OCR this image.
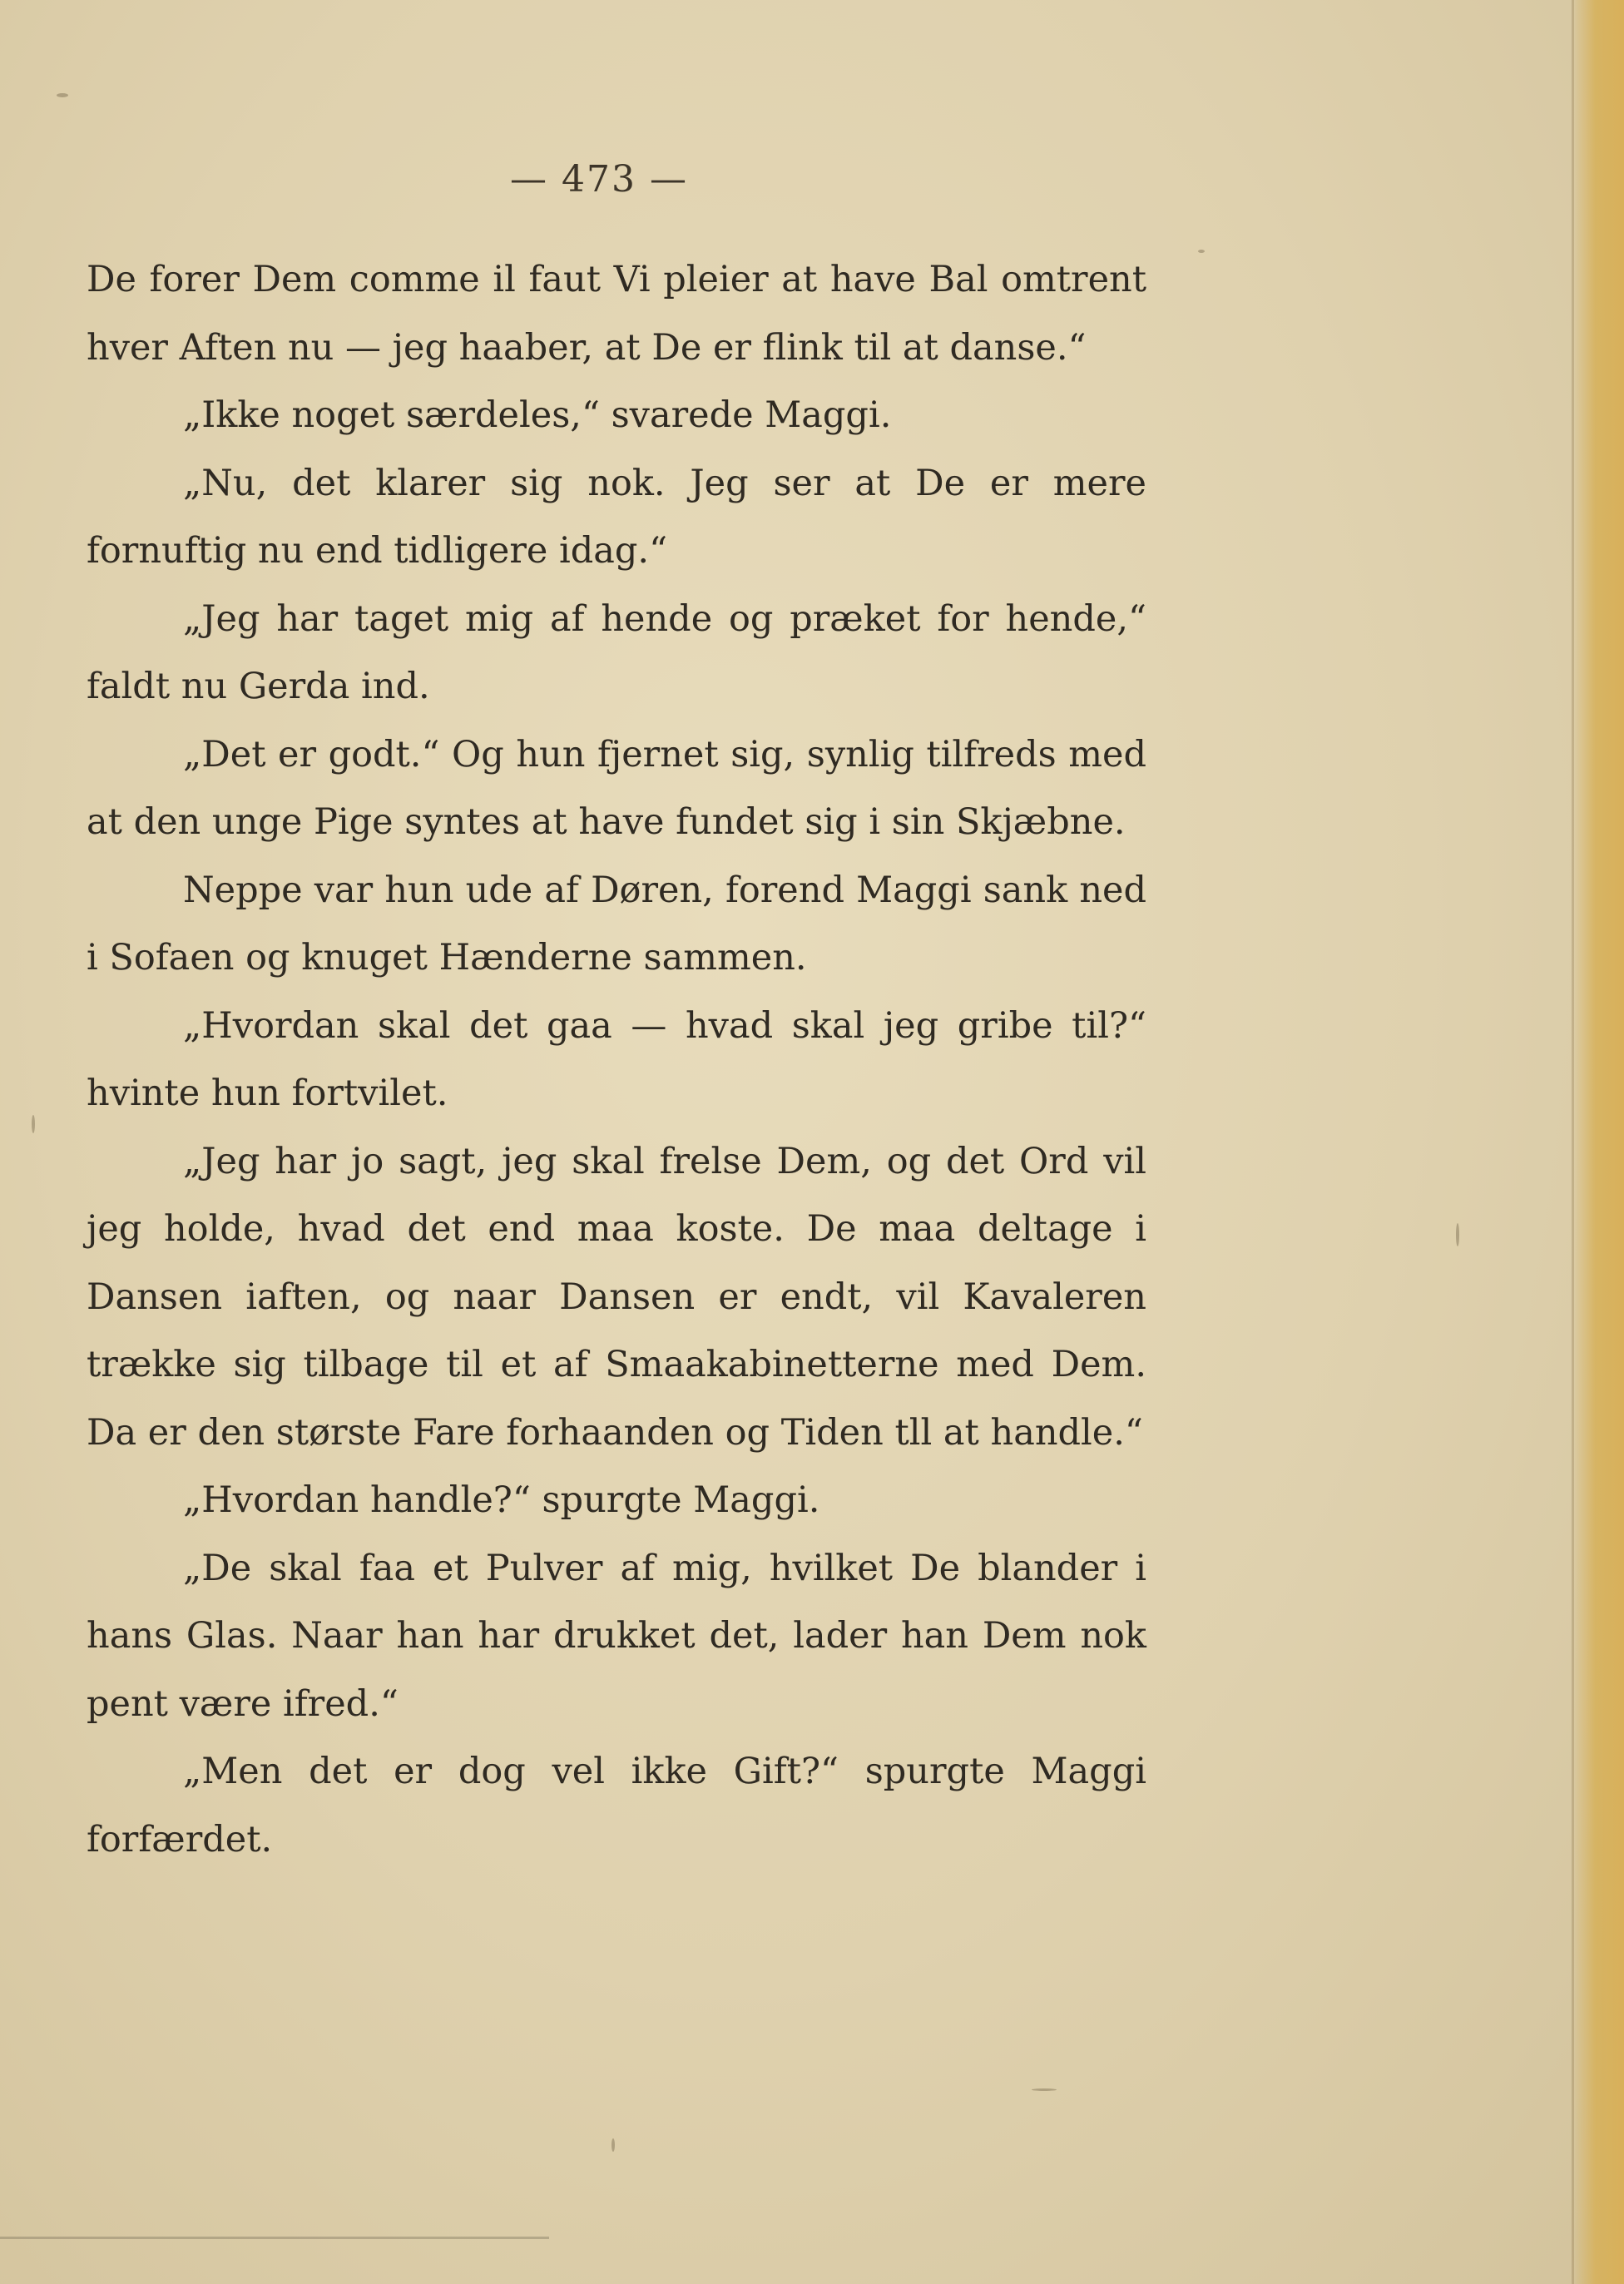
— 473 —

De forer Dem comme il faut Vi pleier at have Bal omtrent hver Aften nu — jeg haaber, at De er flink til at danse.“

„Ikke noget særdeles,“ svarede Maggi.

„Nu, det klarer sig nok. Jeg ser at De er mere fornuftig nu end tidligere idag.“

„Jeg har taget mig af hende og præket for hende,“ faldt nu Gerda ind.

„Det er godt.“ Og hun fjernet sig, synlig tilfreds med at den unge Pige syntes at have fundet sig i sin Skjæbne.

Neppe var hun ude af Døren, forend Maggi sank ned i Sofaen og knuget Hænderne sammen.

„Hvordan skal det gaa — hvad skal jeg gribe til?“ hvinte hun fortvilet.

„Jeg har jo sagt, jeg skal frelse Dem, og det Ord vil jeg holde, hvad det end maa koste. De maa deltage i Dansen iaften, og naar Dansen er endt, vil Kavaleren trække sig tilbage til et af Smaakabinetterne med Dem. Da er den største Fare forhaanden og Tiden tll at handle.“

„Hvordan handle?“ spurgte Maggi.

„De skal faa et Pulver af mig, hvilket De blander i hans Glas. Naar han har drukket det, lader han Dem nok pent være ifred.“

„Men det er dog vel ikke Gift?“ spurgte Maggi forfærdet.
